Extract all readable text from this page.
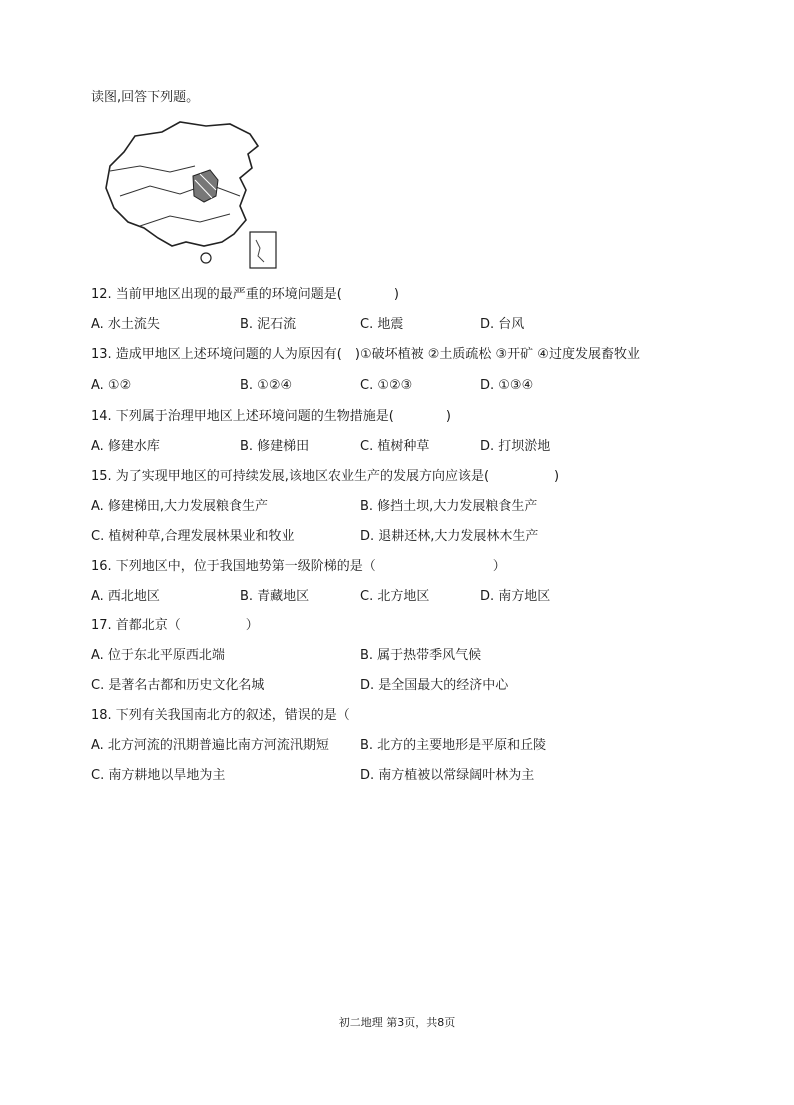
读图,回答下列题。
12. 当前甲地区出现的最严重的环境问题是(　　　　)
A. 水土流失	B. 泥石流	C. 地震	D. 台风
13. 造成甲地区上述环境问题的人为原因有(　)①破坏植被 ②土质疏松 ③开矿 ④过度发展畜牧业
A. ①②	B. ①②④	C. ①②③	D. ①③④
14. 下列属于治理甲地区上述环境问题的生物措施是(　　　　)
A. 修建水库	B. 修建梯田	C. 植树种草	D. 打坝淤地
15. 为了实现甲地区的可持续发展,该地区农业生产的发展方向应该是(　　　　　)
A. 修建梯田,大力发展粮食生产	B. 修挡土坝,大力发展粮食生产
C. 植树种草,合理发展林果业和牧业	D. 退耕还林,大力发展林木生产
16. 下列地区中，位于我国地势第一级阶梯的是（　　　　　　　　　）
A. 西北地区	B. 青藏地区	C. 北方地区	D. 南方地区
17. 首都北京（　　　　　）
A. 位于东北平原西北端	B. 属于热带季风气候
C. 是著名古都和历史文化名城	D. 是全国最大的经济中心
18. 下列有关我国南北方的叙述，错误的是（
A. 北方河流的汛期普遍比南方河流汛期短 B. 北方的主要地形是平原和丘陵
C. 南方耕地以旱地为主	D. 南方植被以常绿阔叶林为主
初二地理 第3页，共8页
